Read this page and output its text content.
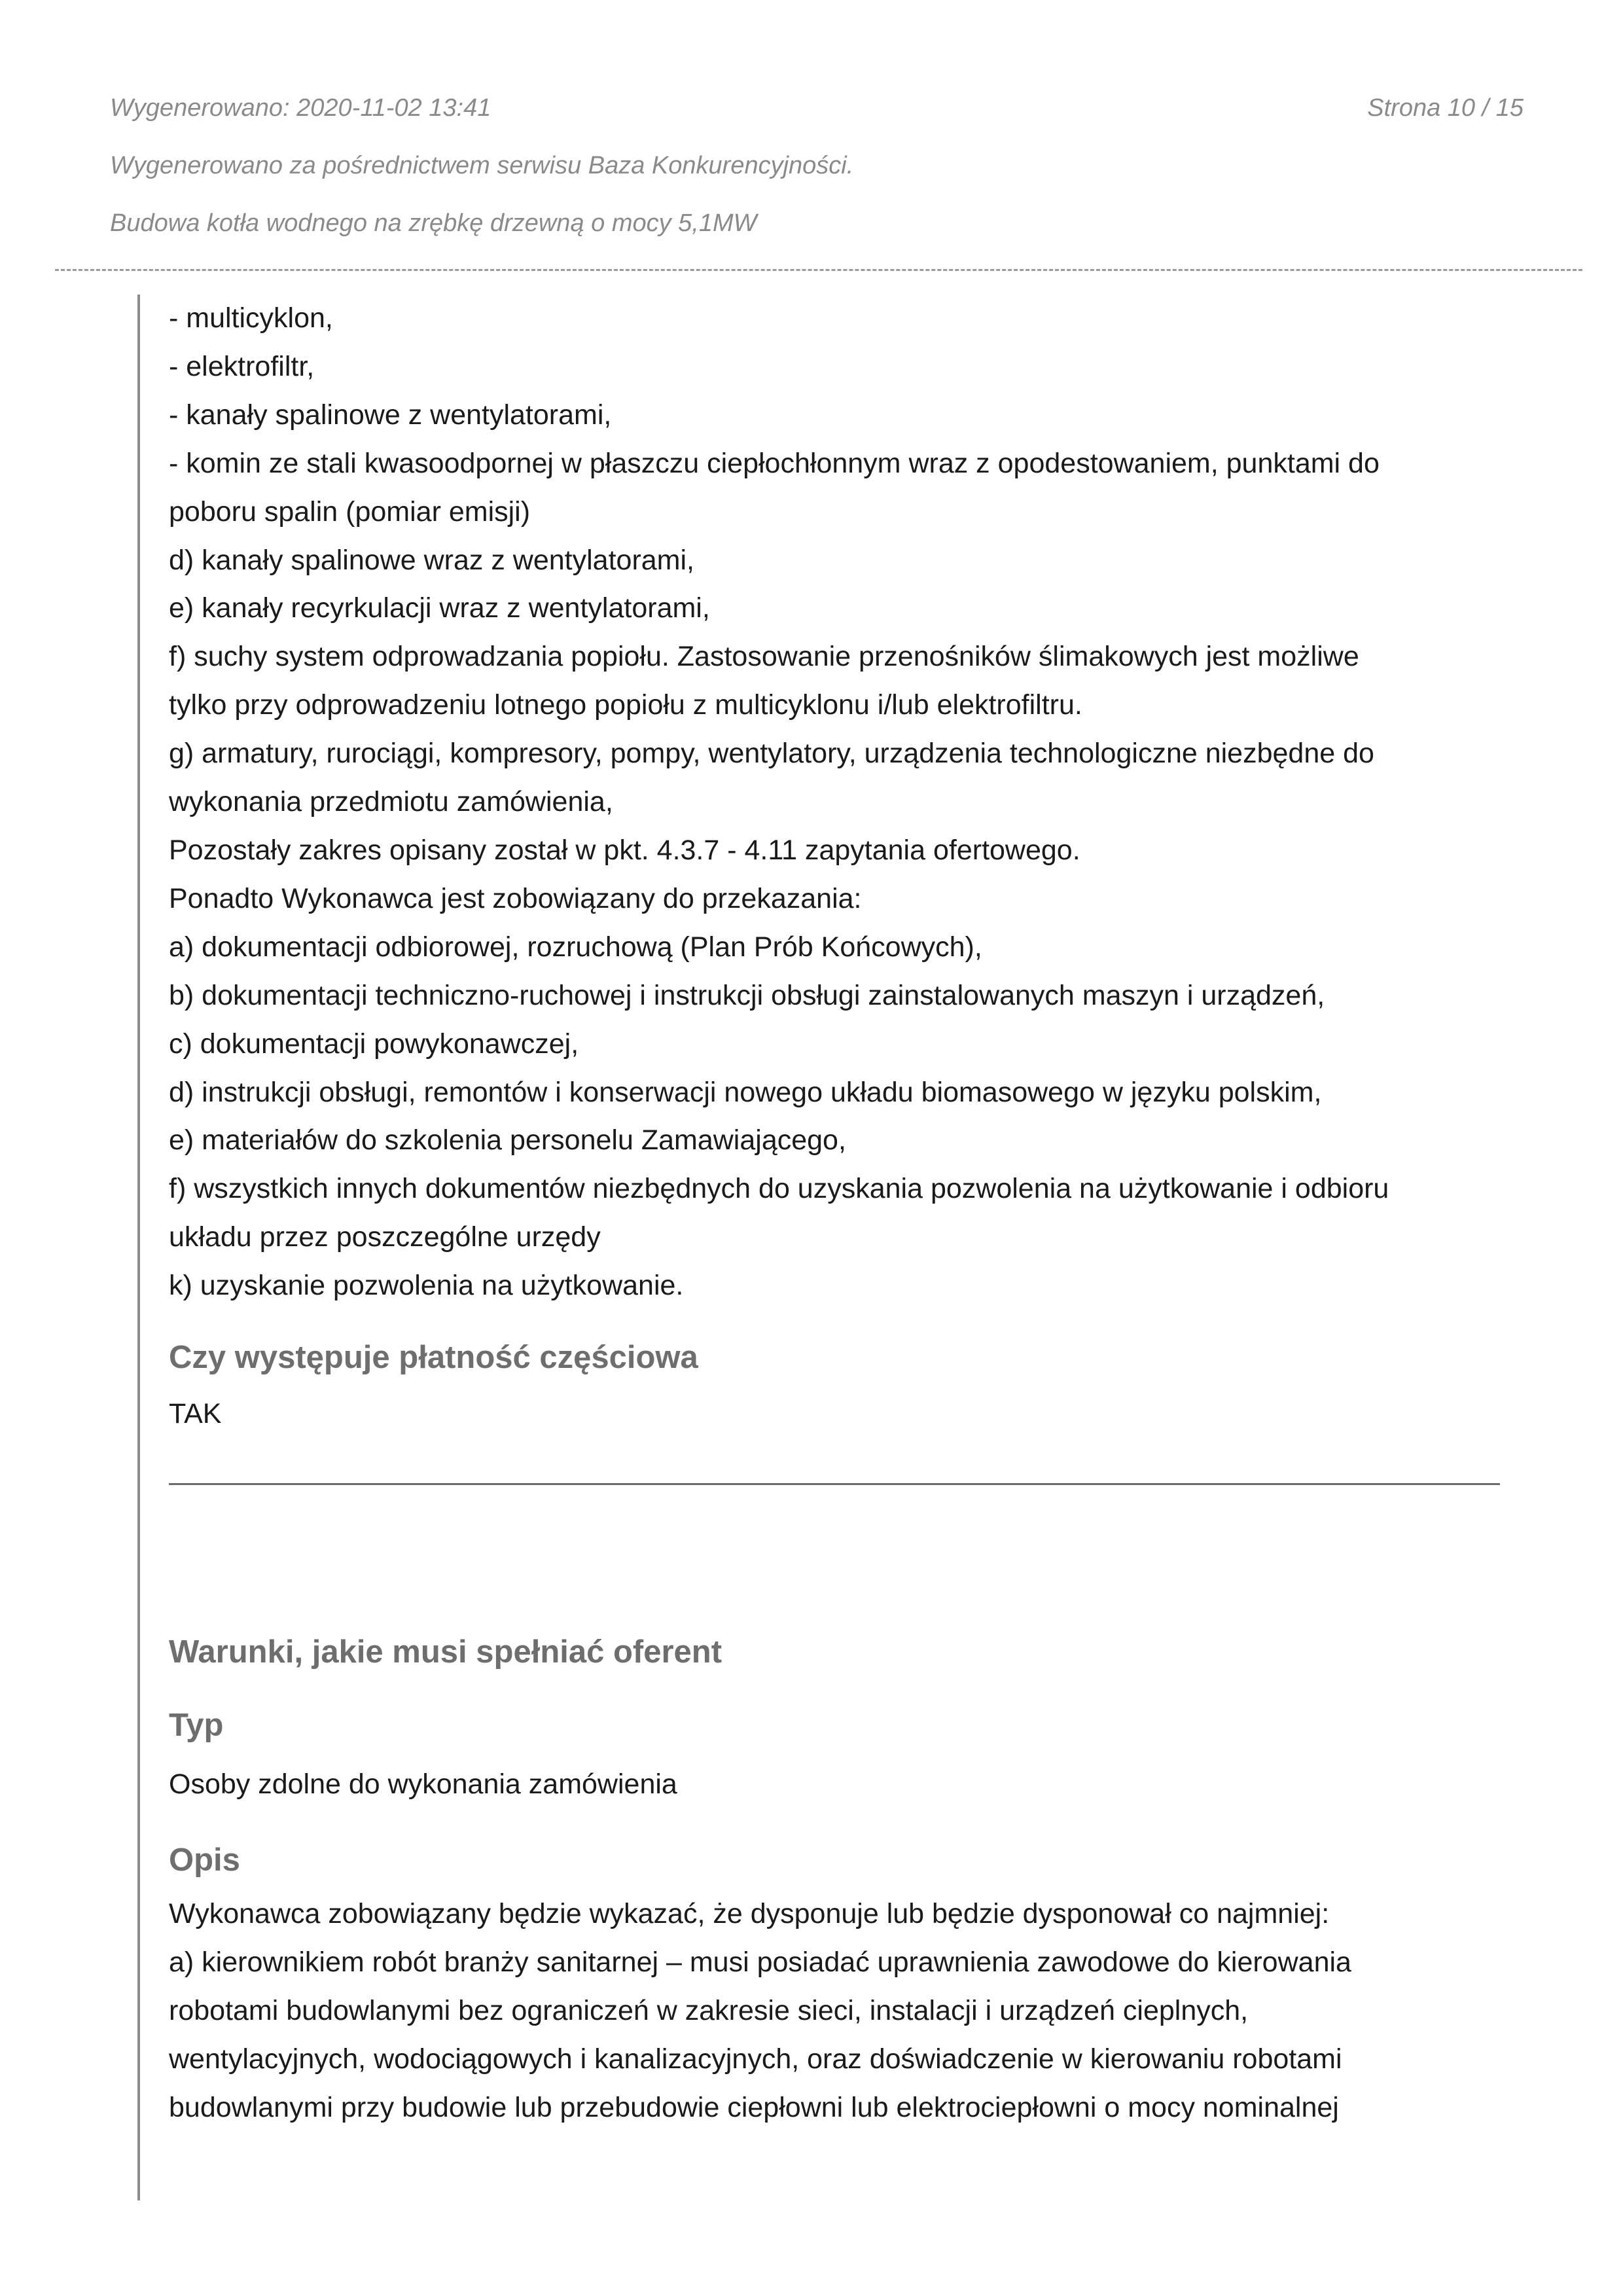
Wygenerowano: 2020-11-02 13:41	Strona 10 / 15
Wygenerowano za pośrednictwem serwisu Baza Konkurencyjności.
Budowa kotła wodnego na zrębkę drzewną o mocy 5,1MW
- multicyklon,
- elektrofiltr,
- kanały spalinowe z wentylatorami,
- komin ze stali kwasoodpornej w płaszczu ciepłochłonnym wraz z opodestowaniem, punktami do
poboru spalin (pomiar emisji)
d) kanały spalinowe wraz z wentylatorami,
e) kanały recyrkulacji wraz z wentylatorami,
f) suchy system odprowadzania popiołu. Zastosowanie przenośników ślimakowych jest możliwe
tylko przy odprowadzeniu lotnego popiołu z multicyklonu i/lub elektrofiltru.
g) armatury, rurociągi, kompresory, pompy, wentylatory, urządzenia technologiczne niezbędne do
wykonania przedmiotu zamówienia,
Pozostały zakres opisany został w pkt. 4.3.7 - 4.11 zapytania ofertowego.
Ponadto Wykonawca jest zobowiązany do przekazania:
a) dokumentacji odbiorowej, rozruchową (Plan Prób Końcowych),
b) dokumentacji techniczno-ruchowej i instrukcji obsługi zainstalowanych maszyn i urządzeń,
c) dokumentacji powykonawczej,
d) instrukcji obsługi, remontów i konserwacji nowego układu biomasowego w języku polskim,
e) materiałów do szkolenia personelu Zamawiającego,
f) wszystkich innych dokumentów niezbędnych do uzyskania pozwolenia na użytkowanie i odbioru
układu przez poszczególne urzędy
k) uzyskanie pozwolenia na użytkowanie.
Czy występuje płatność częściowa
TAK
Warunki, jakie musi spełniać oferent
Typ
Osoby zdolne do wykonania zamówienia
Opis
Wykonawca zobowiązany będzie wykazać, że dysponuje lub będzie dysponował co najmniej:
a) kierownikiem robót branży sanitarnej – musi posiadać uprawnienia zawodowe do kierowania
robotami budowlanymi bez ograniczeń w zakresie sieci, instalacji i urządzeń cieplnych,
wentylacyjnych, wodociągowych i kanalizacyjnych, oraz doświadczenie w kierowaniu robotami
budowlanymi przy budowie lub przebudowie ciepłowni lub elektrociepłowni o mocy nominalnej
